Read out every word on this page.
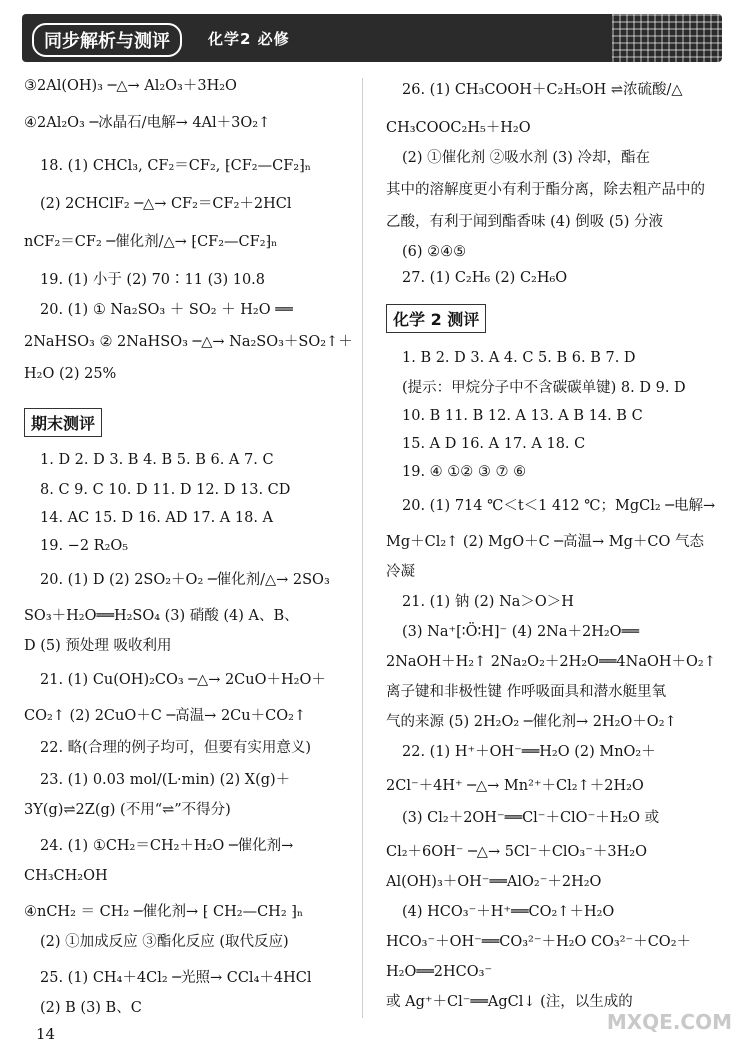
同步解析与测评	化学2 必修
③2Al(OH)₃ ─△→ Al₂O₃＋3H₂O
④2Al₂O₃ ─冰晶石/电解→ 4Al＋3O₂↑
18. (1) CHCl₃, CF₂＝CF₂, ⁅CF₂—CF₂⁆ₙ
(2) 2CHClF₂ ─△→ CF₂＝CF₂＋2HCl
nCF₂＝CF₂ ─催化剂/△→ ⁅CF₂—CF₂⁆ₙ
19. (1) 小于 (2) 70∶11 (3) 10.8
20. (1) ① Na₂SO₃ ＋ SO₂ ＋ H₂O ══
2NaHSO₃ ② 2NaHSO₃ ─△→ Na₂SO₃＋SO₂↑＋
H₂O (2) 25%
1. D 2. D 3. B 4. B 5. B 6. A 7. C
8. C 9. C 10. D 11. D 12. D 13. CD
14. AC 15. D 16. AD 17. A 18. A
19. −2 R₂O₅
20. (1) D (2) 2SO₂＋O₂ ─催化剂/△→ 2SO₃
SO₃＋H₂O══H₂SO₄ (3) 硝酸 (4) A、B、
D (5) 预处理 吸收利用
21. (1) Cu(OH)₂CO₃ ─△→ 2CuO＋H₂O＋
CO₂↑ (2) 2CuO＋C ─高温→ 2Cu＋CO₂↑
22. 略(合理的例子均可，但要有实用意义)
23. (1) 0.03 mol/(L·min) (2) X(g)＋
3Y(g)⇌2Z(g) (不用“⇌”不得分)
24. (1) ①CH₂＝CH₂＋H₂O ─催化剂→
CH₃CH₂OH
④nCH₂ ＝ CH₂ ─催化剂→ ⁅ CH₂—CH₂ ⁆ₙ
(2) ①加成反应 ③酯化反应 (取代反应)
25. (1) CH₄＋4Cl₂ ─光照→ CCl₄＋4HCl
(2) B (3) B、C
期末测评
26. (1) CH₃COOH＋C₂H₅OH ⇌浓硫酸/△
CH₃COOC₂H₅＋H₂O
(2) ①催化剂 ②吸水剂 (3) 冷却，酯在
其中的溶解度更小有利于酯分离，除去粗产品中的
乙酸，有利于闻到酯香味 (4) 倒吸 (5) 分液
(6) ②④⑤
27. (1) C₂H₆ (2) C₂H₆O
1. B 2. D 3. A 4. C 5. B 6. B 7. D
(提示：甲烷分子中不含碳碳单键) 8. D 9. D
10. B 11. B 12. A 13. A B 14. B C
15. A D 16. A 17. A 18. C
19. ④ ①② ③ ⑦ ⑥
20. (1) 714 ℃＜t＜1 412 ℃；MgCl₂ ─电解→
Mg＋Cl₂↑ (2) MgO＋C ─高温→ Mg＋CO 气态
冷凝
21. (1) 钠 (2) Na＞O＞H
(3) Na⁺[∶Ö∶H]⁻ (4) 2Na＋2H₂O══
2NaOH＋H₂↑ 2Na₂O₂＋2H₂O══4NaOH＋O₂↑
离子键和非极性键 作呼吸面具和潜水艇里氧
气的来源 (5) 2H₂O₂ ─催化剂→ 2H₂O＋O₂↑
22. (1) H⁺＋OH⁻══H₂O (2) MnO₂＋
2Cl⁻＋4H⁺ ─△→ Mn²⁺＋Cl₂↑＋2H₂O
(3) Cl₂＋2OH⁻══Cl⁻＋ClO⁻＋H₂O 或
Cl₂＋6OH⁻ ─△→ 5Cl⁻＋ClO₃⁻＋3H₂O
Al(OH)₃＋OH⁻══AlO₂⁻＋2H₂O
(4) HCO₃⁻＋H⁺══CO₂↑＋H₂O
HCO₃⁻＋OH⁻══CO₃²⁻＋H₂O CO₃²⁻＋CO₂＋
H₂O══2HCO₃⁻
或 Ag⁺＋Cl⁻══AgCl↓ (注，以生成的
化学 2 测评
14	MXQE.COM
